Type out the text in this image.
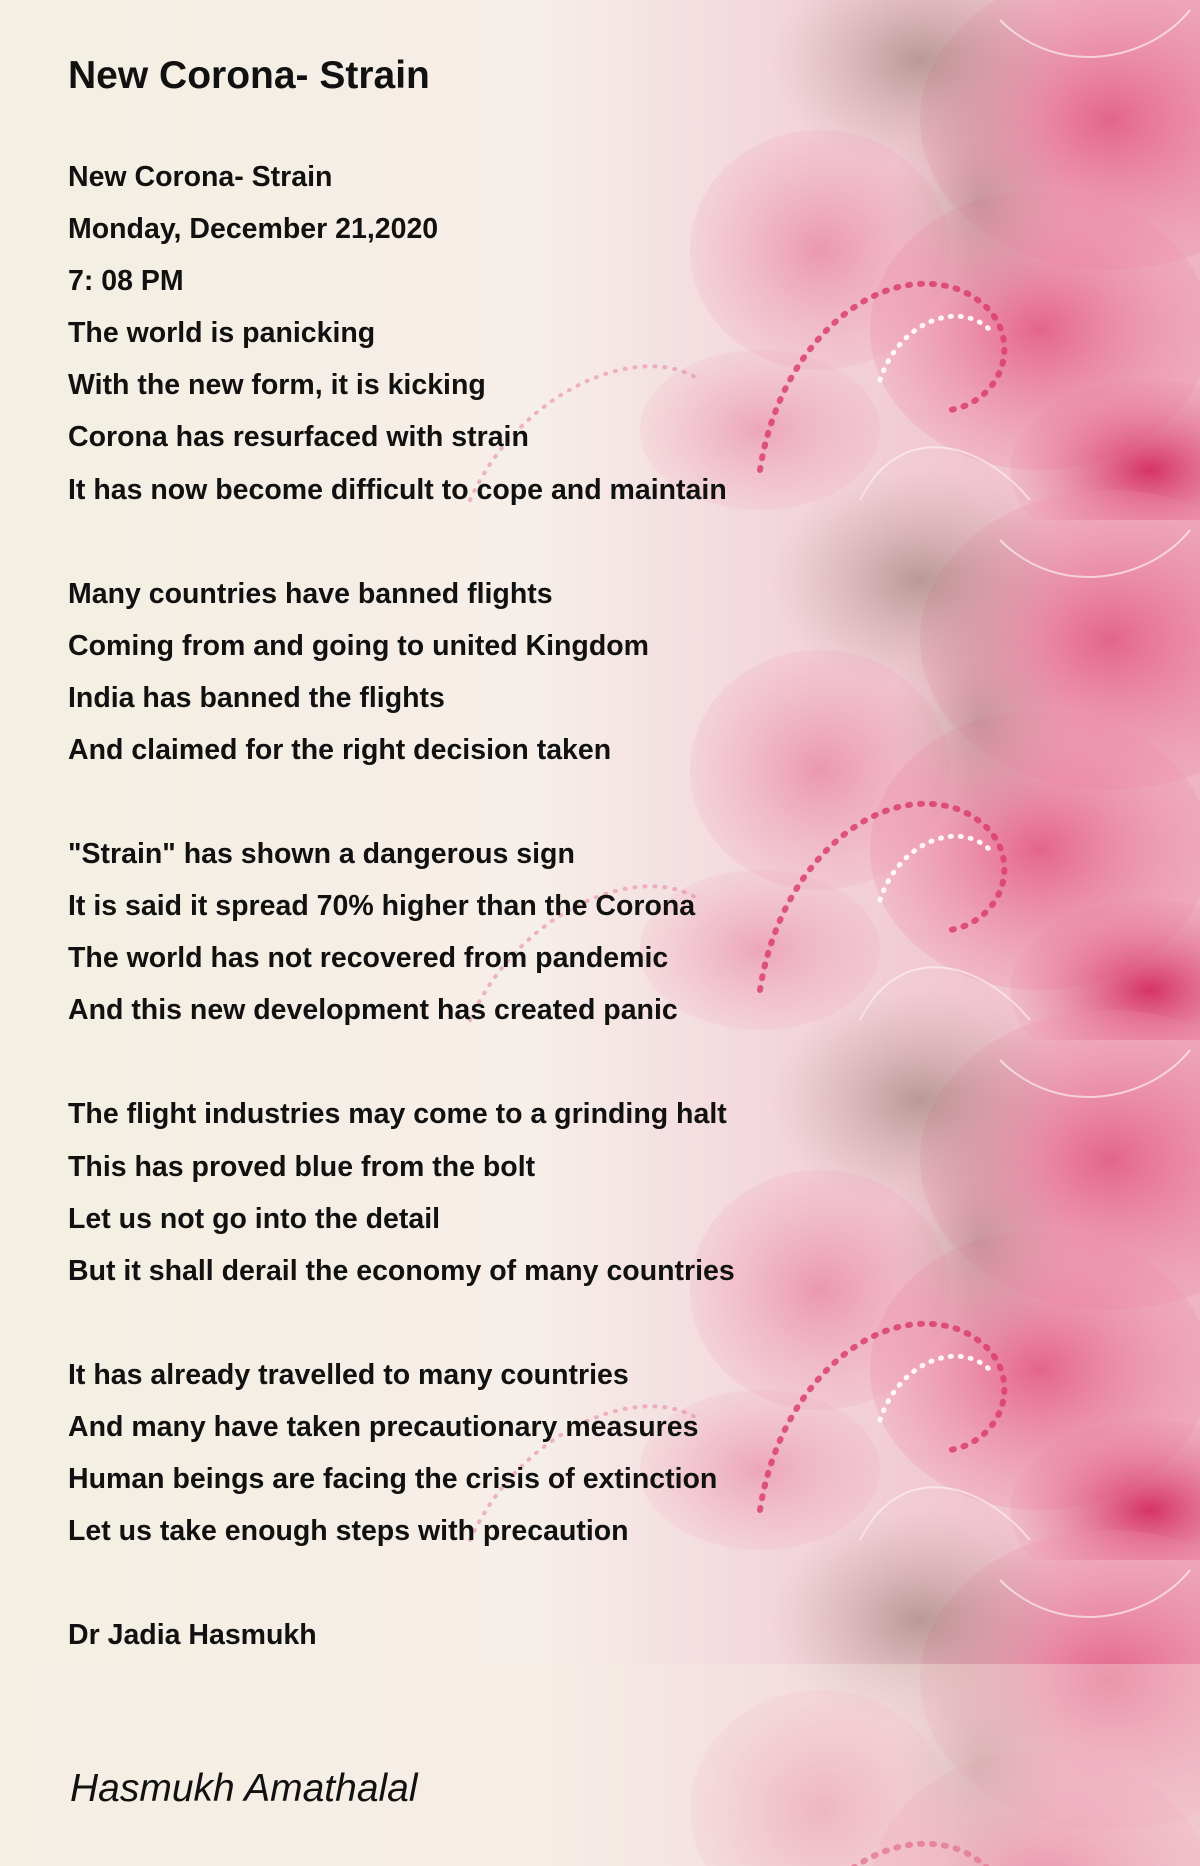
New Corona- Strain
New Corona- Strain
Monday, December 21,2020
7: 08 PM
The world is panicking
With the new form, it is kicking
Corona has resurfaced with strain
It has now become difficult to cope and maintain
Many countries have banned flights
Coming from and going to united Kingdom
India has banned the flights
And claimed for the right decision taken
"Strain" has shown a dangerous sign
It is said it spread 70% higher than the Corona
The world has not recovered from pandemic
And this new development has created panic
The flight industries may come to a grinding halt
This has proved blue from the bolt
Let us not go into the detail
But it shall derail the economy of many countries
It has already travelled to many countries
And many have taken precautionary measures
Human beings are facing the crisis of extinction
Let us take enough steps with precaution
Dr Jadia Hasmukh
Hasmukh Amathalal
